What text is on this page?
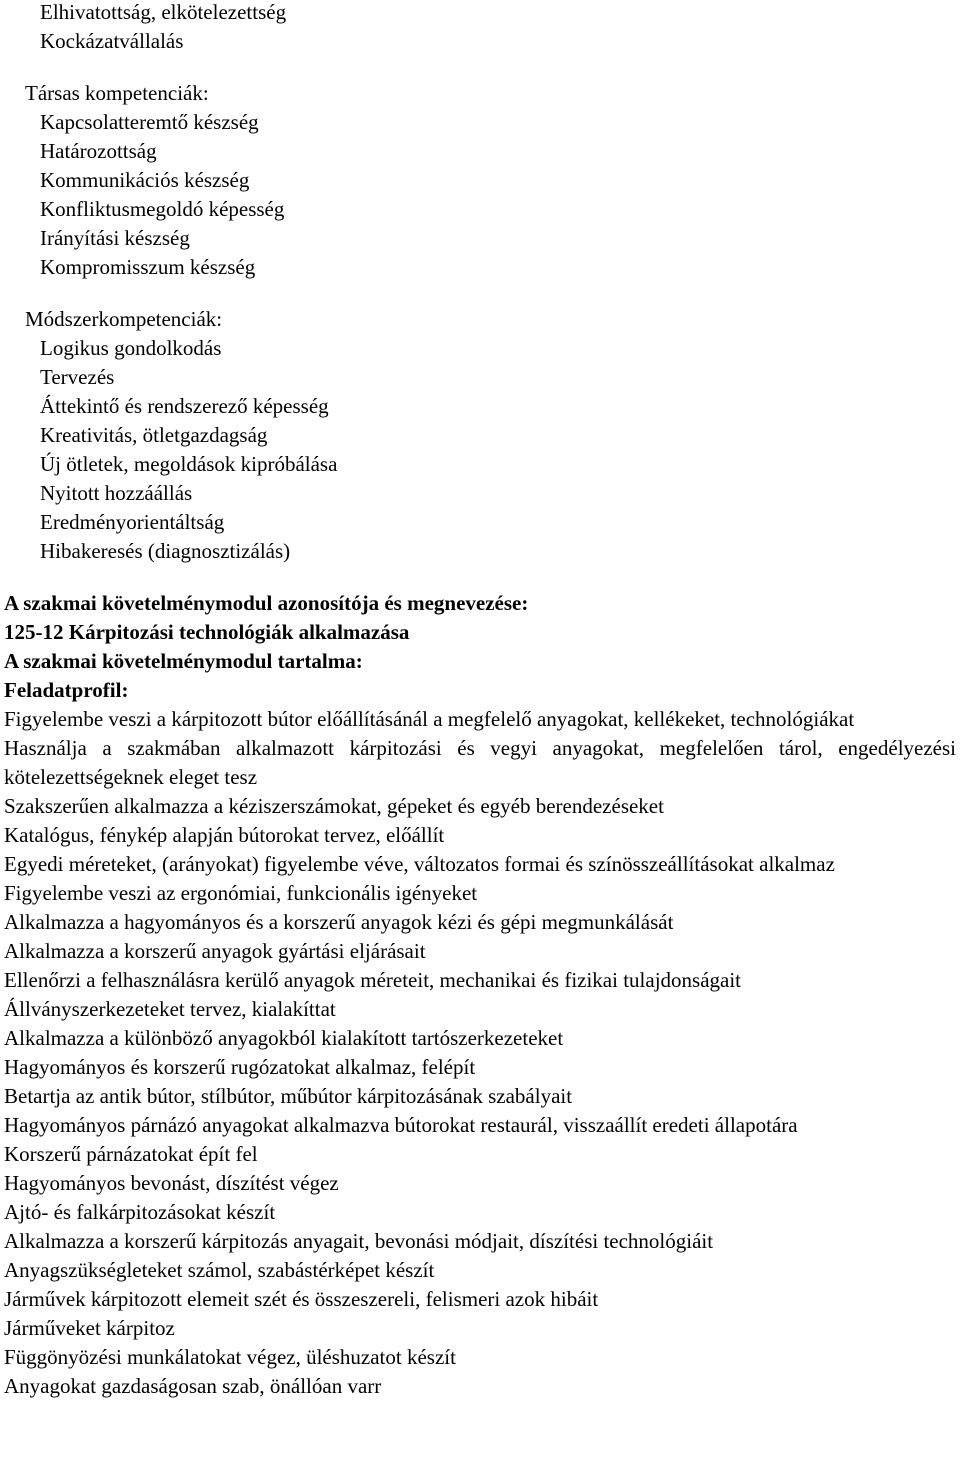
Elhivatottság, elkötelezettség
Kockázatvállalás
Társas kompetenciák:
Kapcsolatteremtő készség
Határozottság
Kommunikációs készség
Konfliktusmegoldó képesség
Irányítási készség
Kompromisszum készség
Módszerkompetenciák:
Logikus gondolkodás
Tervezés
Áttekintő és rendszerező képesség
Kreativitás, ötletgazdagság
Új ötletek, megoldások kipróbálása
Nyitott hozzáállás
Eredményorientáltság
Hibakeresés (diagnosztizálás)
A szakmai követelménymodul azonosítója és megnevezése:
125-12 Kárpitozási technológiák alkalmazása
A szakmai követelménymodul tartalma:
Feladatprofil:
Figyelembe veszi a kárpitozott bútor előállításánál a megfelelő anyagokat, kellékeket, technológiákat
Használja a szakmában alkalmazott kárpitozási és vegyi anyagokat, megfelelően tárol, engedélyezési kötelezettségeknek eleget tesz
Szakszerűen alkalmazza a kéziszerszámokat, gépeket és egyéb berendezéseket
Katalógus, fénykép alapján bútorokat tervez, előállít
Egyedi méreteket, (arányokat) figyelembe véve, változatos formai és színösszeállításokat alkalmaz
Figyelembe veszi az ergonómiai, funkcionális igényeket
Alkalmazza a hagyományos és a korszerű anyagok kézi és gépi megmunkálását
Alkalmazza a korszerű anyagok gyártási eljárásait
Ellenőrzi a felhasználásra kerülő anyagok méreteit, mechanikai és fizikai tulajdonságait
Állványszerkezeteket tervez, kialakíttat
Alkalmazza a különböző anyagokból kialakított tartószerkezeteket
Hagyományos és korszerű rugózatokat alkalmaz, felépít
Betartja az antik bútor, stílbútor, műbútor kárpitozásának szabályait
Hagyományos párnázó anyagokat alkalmazva bútorokat restaurál, visszaállít eredeti állapotára
Korszerű párnázatokat épít fel
Hagyományos bevonást, díszítést végez
Ajtó- és falkárpitozásokat készít
Alkalmazza a korszerű kárpitozás anyagait, bevonási módjait, díszítési technológiáit
Anyagszükségleteket számol, szabástérképet készít
Járművek kárpitozott elemeit szét és összeszereli, felismeri azok hibáit
Járműveket kárpitoz
Függönyözési munkálatokat végez, üléshuzatot készít
Anyagokat gazdaságosan szab, önállóan varr
